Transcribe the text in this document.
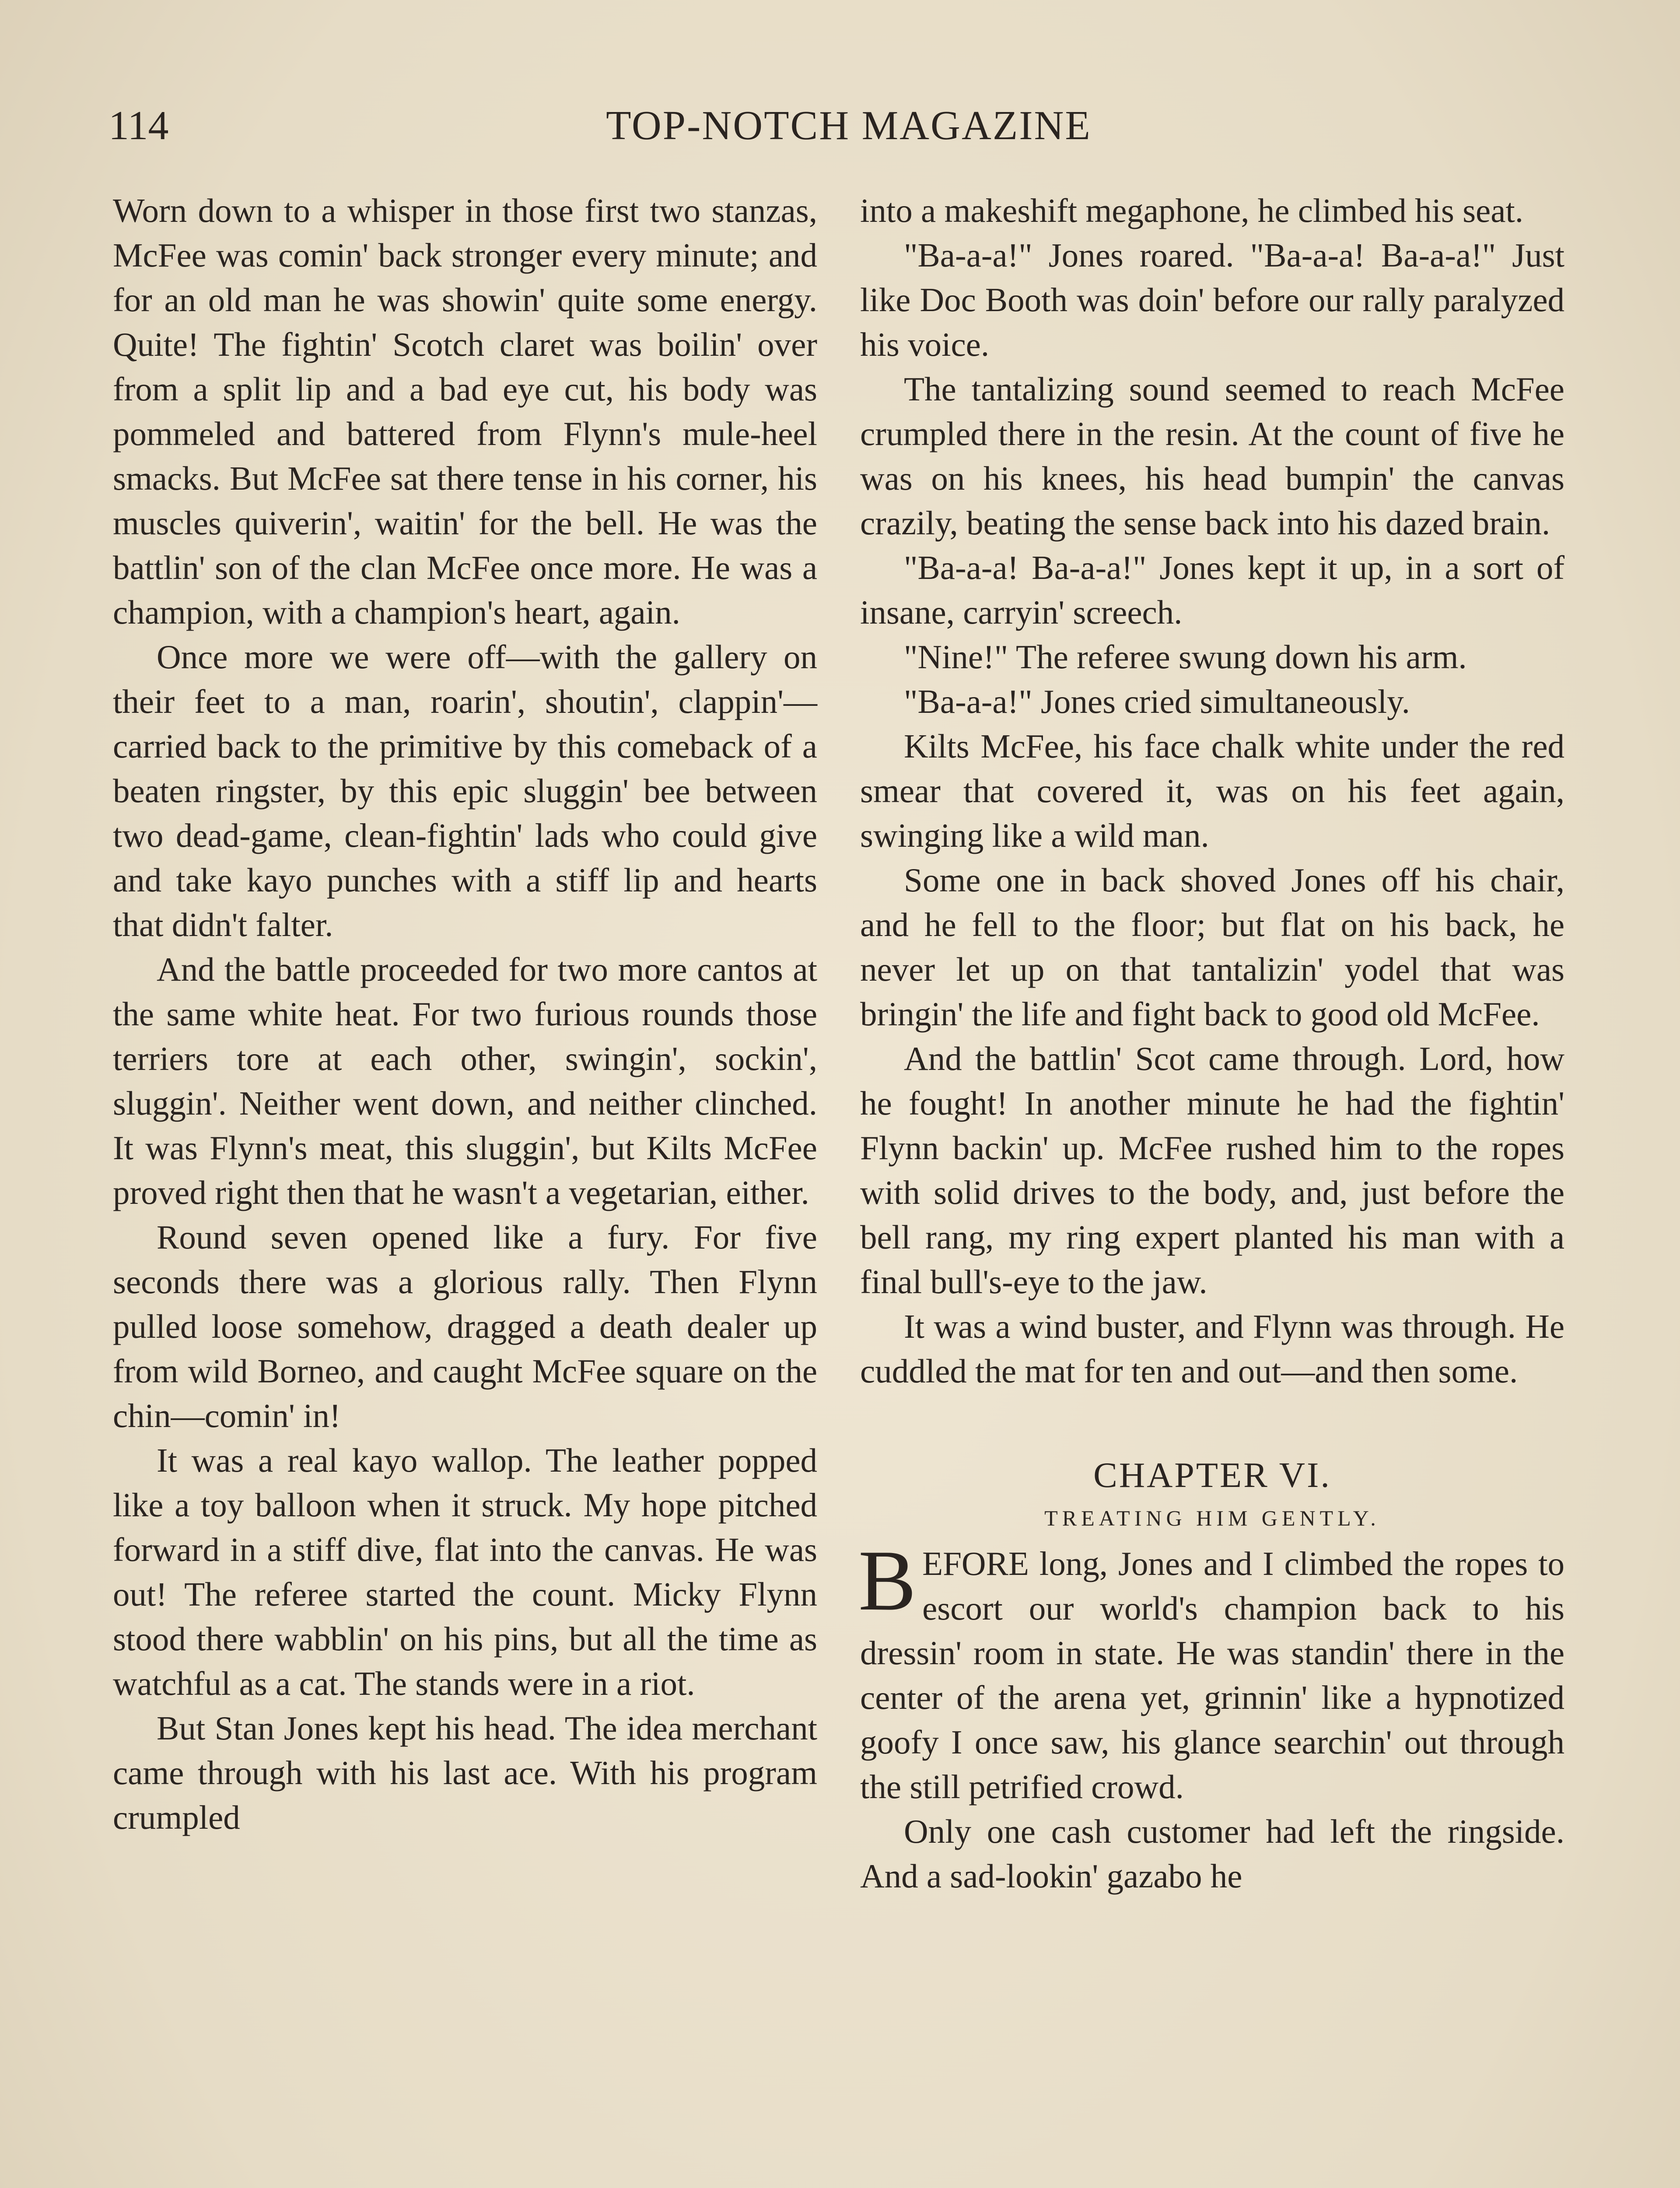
114	TOP-NOTCH MAGAZINE

Worn down to a whisper in those first two stanzas, McFee was comin' back stronger every minute; and for an old man he was showin' quite some energy. Quite! The fightin' Scotch claret was boilin' over from a split lip and a bad eye cut, his body was pommeled and battered from Flynn's mule-heel smacks. But McFee sat there tense in his corner, his muscles quiverin', waitin' for the bell. He was the battlin' son of the clan McFee once more. He was a champion, with a champion's heart, again.

Once more we were off—with the gallery on their feet to a man, roarin', shoutin', clappin'—carried back to the primitive by this comeback of a beaten ringster, by this epic sluggin' bee between two dead-game, clean-fightin' lads who could give and take kayo punches with a stiff lip and hearts that didn't falter.

And the battle proceeded for two more cantos at the same white heat. For two furious rounds those terriers tore at each other, swingin', sockin', sluggin'. Neither went down, and neither clinched. It was Flynn's meat, this sluggin', but Kilts McFee proved right then that he wasn't a vegetarian, either.

Round seven opened like a fury. For five seconds there was a glorious rally. Then Flynn pulled loose somehow, dragged a death dealer up from wild Borneo, and caught McFee square on the chin—comin' in!

It was a real kayo wallop. The leather popped like a toy balloon when it struck. My hope pitched forward in a stiff dive, flat into the canvas. He was out! The referee started the count. Micky Flynn stood there wabblin' on his pins, but all the time as watchful as a cat. The stands were in a riot.

But Stan Jones kept his head. The idea merchant came through with his last ace. With his program crumpled

into a makeshift megaphone, he climbed his seat.

"Ba-a-a!" Jones roared. "Ba-a-a! Ba-a-a!" Just like Doc Booth was doin' before our rally paralyzed his voice.

The tantalizing sound seemed to reach McFee crumpled there in the resin. At the count of five he was on his knees, his head bumpin' the canvas crazily, beating the sense back into his dazed brain.

"Ba-a-a! Ba-a-a!" Jones kept it up, in a sort of insane, carryin' screech.

"Nine!" The referee swung down his arm.

"Ba-a-a!" Jones cried simultaneously.

Kilts McFee, his face chalk white under the red smear that covered it, was on his feet again, swinging like a wild man.

Some one in back shoved Jones off his chair, and he fell to the floor; but flat on his back, he never let up on that tantalizin' yodel that was bringin' the life and fight back to good old McFee.

And the battlin' Scot came through. Lord, how he fought! In another minute he had the fightin' Flynn backin' up. McFee rushed him to the ropes with solid drives to the body, and, just before the bell rang, my ring expert planted his man with a final bull's-eye to the jaw.

It was a wind buster, and Flynn was through. He cuddled the mat for ten and out—and then some.

CHAPTER VI.
TREATING HIM GENTLY.

BEFORE long, Jones and I climbed the ropes to escort our world's champion back to his dressin' room in state. He was standin' there in the center of the arena yet, grinnin' like a hypnotized goofy I once saw, his glance searchin' out through the still petrified crowd.

Only one cash customer had left the ringside. And a sad-lookin' gazabo he
